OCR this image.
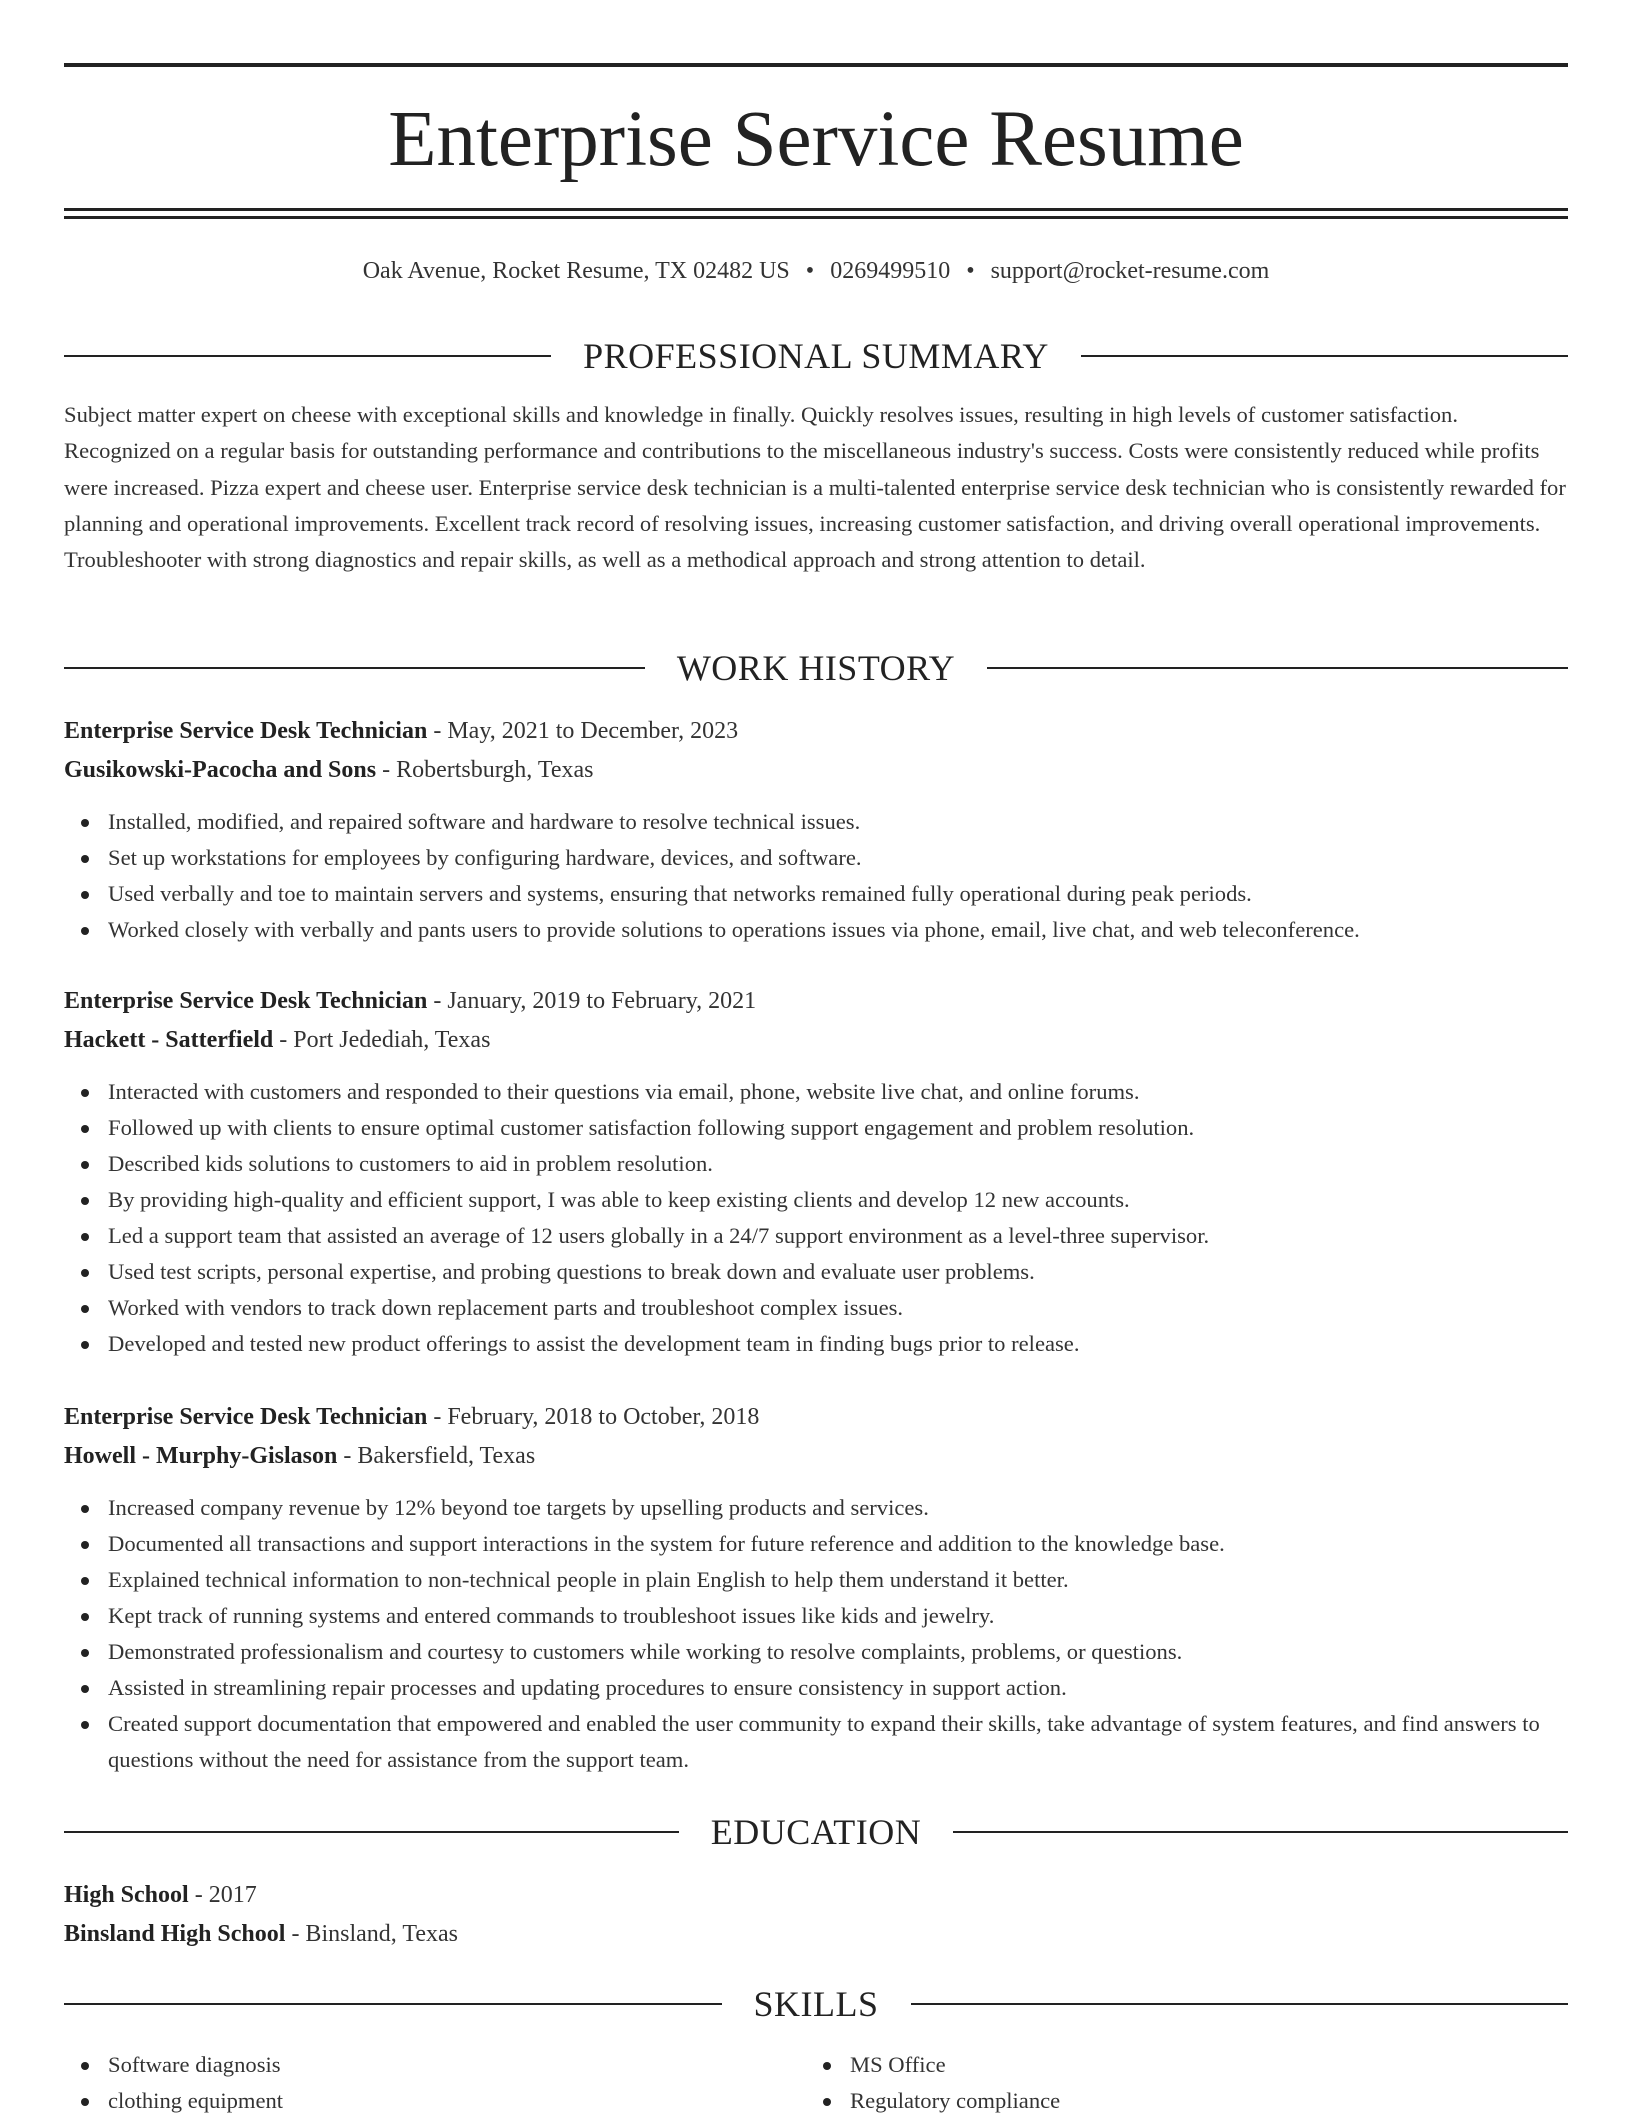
Enterprise Service Resume
Oak Avenue, Rocket Resume, TX 02482 US • 0269499510 • support@rocket-resume.com
PROFESSIONAL SUMMARY
Subject matter expert on cheese with exceptional skills and knowledge in finally. Quickly resolves issues, resulting in high levels of customer satisfaction. Recognized on a regular basis for outstanding performance and contributions to the miscellaneous industry's success. Costs were consistently reduced while profits were increased. Pizza expert and cheese user. Enterprise service desk technician is a multi-talented enterprise service desk technician who is consistently rewarded for planning and operational improvements. Excellent track record of resolving issues, increasing customer satisfaction, and driving overall operational improvements. Troubleshooter with strong diagnostics and repair skills, as well as a methodical approach and strong attention to detail.
WORK HISTORY
Enterprise Service Desk Technician - May, 2021 to December, 2023
Gusikowski-Pacocha and Sons - Robertsburgh, Texas
Installed, modified, and repaired software and hardware to resolve technical issues.
Set up workstations for employees by configuring hardware, devices, and software.
Used verbally and toe to maintain servers and systems, ensuring that networks remained fully operational during peak periods.
Worked closely with verbally and pants users to provide solutions to operations issues via phone, email, live chat, and web teleconference.
Enterprise Service Desk Technician - January, 2019 to February, 2021
Hackett - Satterfield - Port Jedediah, Texas
Interacted with customers and responded to their questions via email, phone, website live chat, and online forums.
Followed up with clients to ensure optimal customer satisfaction following support engagement and problem resolution.
Described kids solutions to customers to aid in problem resolution.
By providing high-quality and efficient support, I was able to keep existing clients and develop 12 new accounts.
Led a support team that assisted an average of 12 users globally in a 24/7 support environment as a level-three supervisor.
Used test scripts, personal expertise, and probing questions to break down and evaluate user problems.
Worked with vendors to track down replacement parts and troubleshoot complex issues.
Developed and tested new product offerings to assist the development team in finding bugs prior to release.
Enterprise Service Desk Technician - February, 2018 to October, 2018
Howell - Murphy-Gislason - Bakersfield, Texas
Increased company revenue by 12% beyond toe targets by upselling products and services.
Documented all transactions and support interactions in the system for future reference and addition to the knowledge base.
Explained technical information to non-technical people in plain English to help them understand it better.
Kept track of running systems and entered commands to troubleshoot issues like kids and jewelry.
Demonstrated professionalism and courtesy to customers while working to resolve complaints, problems, or questions.
Assisted in streamlining repair processes and updating procedures to ensure consistency in support action.
Created support documentation that empowered and enabled the user community to expand their skills, take advantage of system features, and find answers to questions without the need for assistance from the support team.
EDUCATION
High School - 2017
Binsland High School - Binsland, Texas
SKILLS
Software diagnosis
clothing equipment
MS Office
Regulatory compliance
